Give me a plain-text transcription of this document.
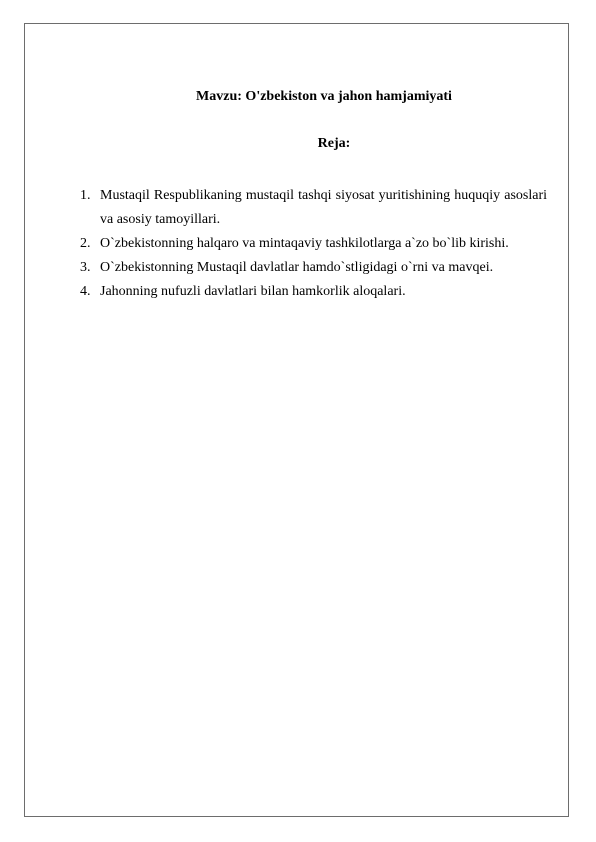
Mavzu: O'zbekiston va jahon hamjamiyati
Reja:
1. Mustaqil Respublikaning mustaqil tashqi siyosat yuritishining huquqiy asoslari va asosiy tamoyillari.
2. O`zbekistonning halqaro va mintaqaviy tashkilotlarga a`zo bo`lib kirishi.
3. O`zbekistonning Mustaqil davlatlar hamdo`stligidagi o`rni va mavqei.
4. Jahonning nufuzli davlatlari bilan hamkorlik aloqalari.
